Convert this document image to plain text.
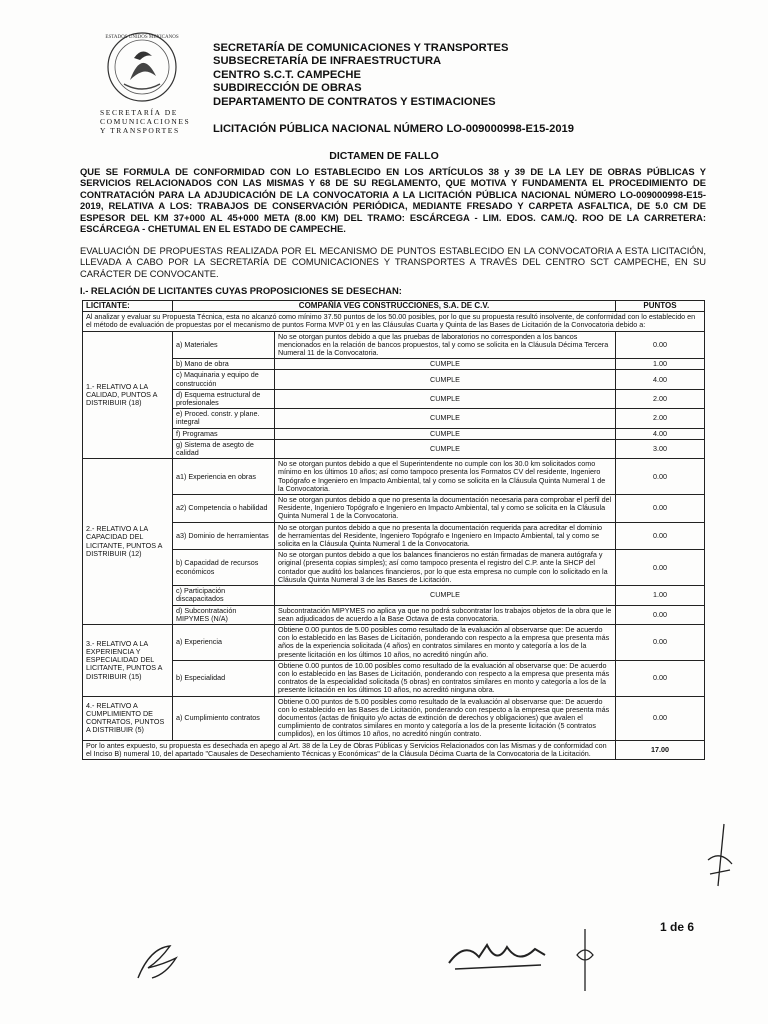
ESTADOS UNIDOS MEXICANOS
SECRETARÍA DE
COMUNICACIONES
Y TRANSPORTES
SECRETARÍA DE COMUNICACIONES Y TRANSPORTES
SUBSECRETARÍA DE INFRAESTRUCTURA
CENTRO S.C.T. CAMPECHE
SUBDIRECCIÓN DE OBRAS
DEPARTAMENTO DE CONTRATOS Y ESTIMACIONES
LICITACIÓN PÚBLICA NACIONAL NÚMERO LO-009000998-E15-2019
DICTAMEN DE FALLO
QUE SE FORMULA DE CONFORMIDAD CON LO ESTABLECIDO EN LOS ARTÍCULOS 38 y 39 DE LA LEY DE OBRAS PÚBLICAS Y SERVICIOS RELACIONADOS CON LAS MISMAS Y 68 DE SU REGLAMENTO, QUE MOTIVA Y FUNDAMENTA EL PROCEDIMIENTO DE CONTRATACIÓN PARA LA ADJUDICACIÓN DE LA CONVOCATORIA A LA LICITACIÓN PÚBLICA NACIONAL NÚMERO LO-009000998-E15-2019, RELATIVA A LOS: TRABAJOS DE CONSERVACIÓN PERIÓDICA, MEDIANTE FRESADO Y CARPETA ASFALTICA, DE 5.0 CM DE ESPESOR DEL KM 37+000 AL 45+000 META (8.00 KM) DEL TRAMO: ESCÁRCEGA - LIM. EDOS. CAM./Q. ROO DE LA CARRETERA: ESCÁRCEGA - CHETUMAL EN EL ESTADO DE CAMPECHE.
EVALUACIÓN DE PROPUESTAS REALIZADA POR EL MECANISMO DE PUNTOS ESTABLECIDO EN LA CONVOCATORIA A ESTA LICITACIÓN, LLEVADA A CABO POR LA SECRETARÍA DE COMUNICACIONES Y TRANSPORTES A TRAVÉS DEL CENTRO SCT CAMPECHE, EN SU CARÁCTER DE CONVOCANTE.
I.- RELACIÓN DE LICITANTES CUYAS PROPOSICIONES SE DESECHAN:
LICITANTE:	COMPAÑÍA VEG CONSTRUCCIONES, S.A. DE C.V.		PUNTOS
Al analizar y evaluar su Propuesta Técnica, esta no alcanzó como mínimo 37.50 puntos de los 50.00 posibles, por lo que su propuesta resultó insolvente, de conformidad con lo establecido en el método de evaluación de propuestas por el mecanismo de puntos Forma MVP 01 y en las Cláusulas Cuarta y Quinta de las Bases de Licitación de la Convocatoria debido a:			
1.- RELATIVO A LA CALIDAD, PUNTOS A DISTRIBUIR (18)	a) Materiales	No se otorgan puntos debido a que las pruebas de laboratorios no corresponden a los bancos mencionados en la relación de bancos propuestos, tal y como se solicita en la Cláusula Décima Tercera Numeral 11 de la Convocatoria.	0.00
	b) Mano de obra	CUMPLE	1.00
	c) Maquinaria y equipo de construcción	CUMPLE	4.00
	d) Esquema estructural de profesionales	CUMPLE	2.00
	e) Proced. constr. y plane. integral	CUMPLE	2.00
	f) Programas	CUMPLE	4.00
	g) Sistema de asegto de calidad	CUMPLE	3.00
2.- RELATIVO A LA CAPACIDAD DEL LICITANTE, PUNTOS A DISTRIBUIR (12)	a1) Experiencia en obras	No se otorgan puntos debido a que el Superintendente no cumple con los 30.0 km solicitados como mínimo en los últimos 10 años; así como tampoco presenta los Formatos CV del residente, Ingeniero Topógrafo e Ingeniero en Impacto Ambiental, tal y como se solicita en la Cláusula Quinta Numeral 1 de la Convocatoria.	0.00
	a2) Competencia o habilidad	No se otorgan puntos debido a que no presenta la documentación necesaria para comprobar el perfil del Residente, Ingeniero Topógrafo e Ingeniero en Impacto Ambiental, tal y como se solicita en la Cláusula Quinta Numeral 1 de la Convocatoria.	0.00
	a3) Dominio de herramientas	No se otorgan puntos debido a que no presenta la documentación requerida para acreditar el dominio de herramientas del Residente, Ingeniero Topógrafo e Ingeniero en Impacto Ambiental, tal y como se solicita en la Cláusula Quinta Numeral 1 de la Convocatoria.	0.00
	b) Capacidad de recursos económicos	No se otorgan puntos debido a que los balances financieros no están firmadas de manera autógrafa y original (presenta copias simples); así como tampoco presenta el registro del C.P. ante la SHCP del contador que auditó los balances financieros, por lo que esta empresa no cumple con lo solicitado en la Cláusula Quinta Numeral 3 de las Bases de Licitación.	0.00
	c) Participación discapacitados	CUMPLE	1.00
	d) Subcontratación MIPYMES (N/A)	Subcontratación MIPYMES no aplica ya que no podrá subcontratar los trabajos objetos de la obra que le sean adjudicados de acuerdo a la Base Octava de esta convocatoria.	0.00
3.- RELATIVO A LA EXPERIENCIA Y ESPECIALIDAD DEL LICITANTE, PUNTOS A DISTRIBUIR (15)	a) Experiencia	Obtiene 0.00 puntos de 5.00 posibles como resultado de la evaluación al observarse que: De acuerdo con lo establecido en las Bases de Licitación, ponderando con respecto a la empresa que presenta más años de la experiencia solicitada (4 años) en contratos similares en monto y categoría a los de la presente licitación en los últimos 10 años, no acreditó ningún año.	0.00
	b) Especialidad	Obtiene 0.00 puntos de 10.00 posibles como resultado de la evaluación al observarse que: De acuerdo con lo establecido en las Bases de Licitación, ponderando con respecto a la empresa que presenta más contratos de la especialidad solicitada (5 obras) en contratos similares en monto y categoría a los de la presente licitación en los últimos 10 años, no acreditó ninguna obra.	0.00
4.- RELATIVO A CUMPLIMIENTO DE CONTRATOS, PUNTOS A DISTRIBUIR (5)	a) Cumplimiento contratos	Obtiene 0.00 puntos de 5.00 posibles como resultado de la evaluación al observarse que: De acuerdo con lo establecido en las Bases de Licitación, ponderando con respecto a la empresa que presenta más documentos (actas de finiquito y/o actas de extinción de derechos y obligaciones) que avalen el cumplimiento de contratos similares en monto y categoría a los de la presente licitación (5 contratos cumplidos), en los últimos 10 años, no acreditó ningún contrato.	0.00
Por lo antes expuesto, su propuesta es desechada en apego al Art. 38 de la Ley de Obras Públicas y Servicios Relacionados con las Mismas y de conformidad con el Inciso B) numeral 10, del apartado "Causales de Desechamiento Técnicas y Económicas" de la Cláusula Décima Cuarta de la Convocatoria de la Licitación.			17.00
1 de 6
